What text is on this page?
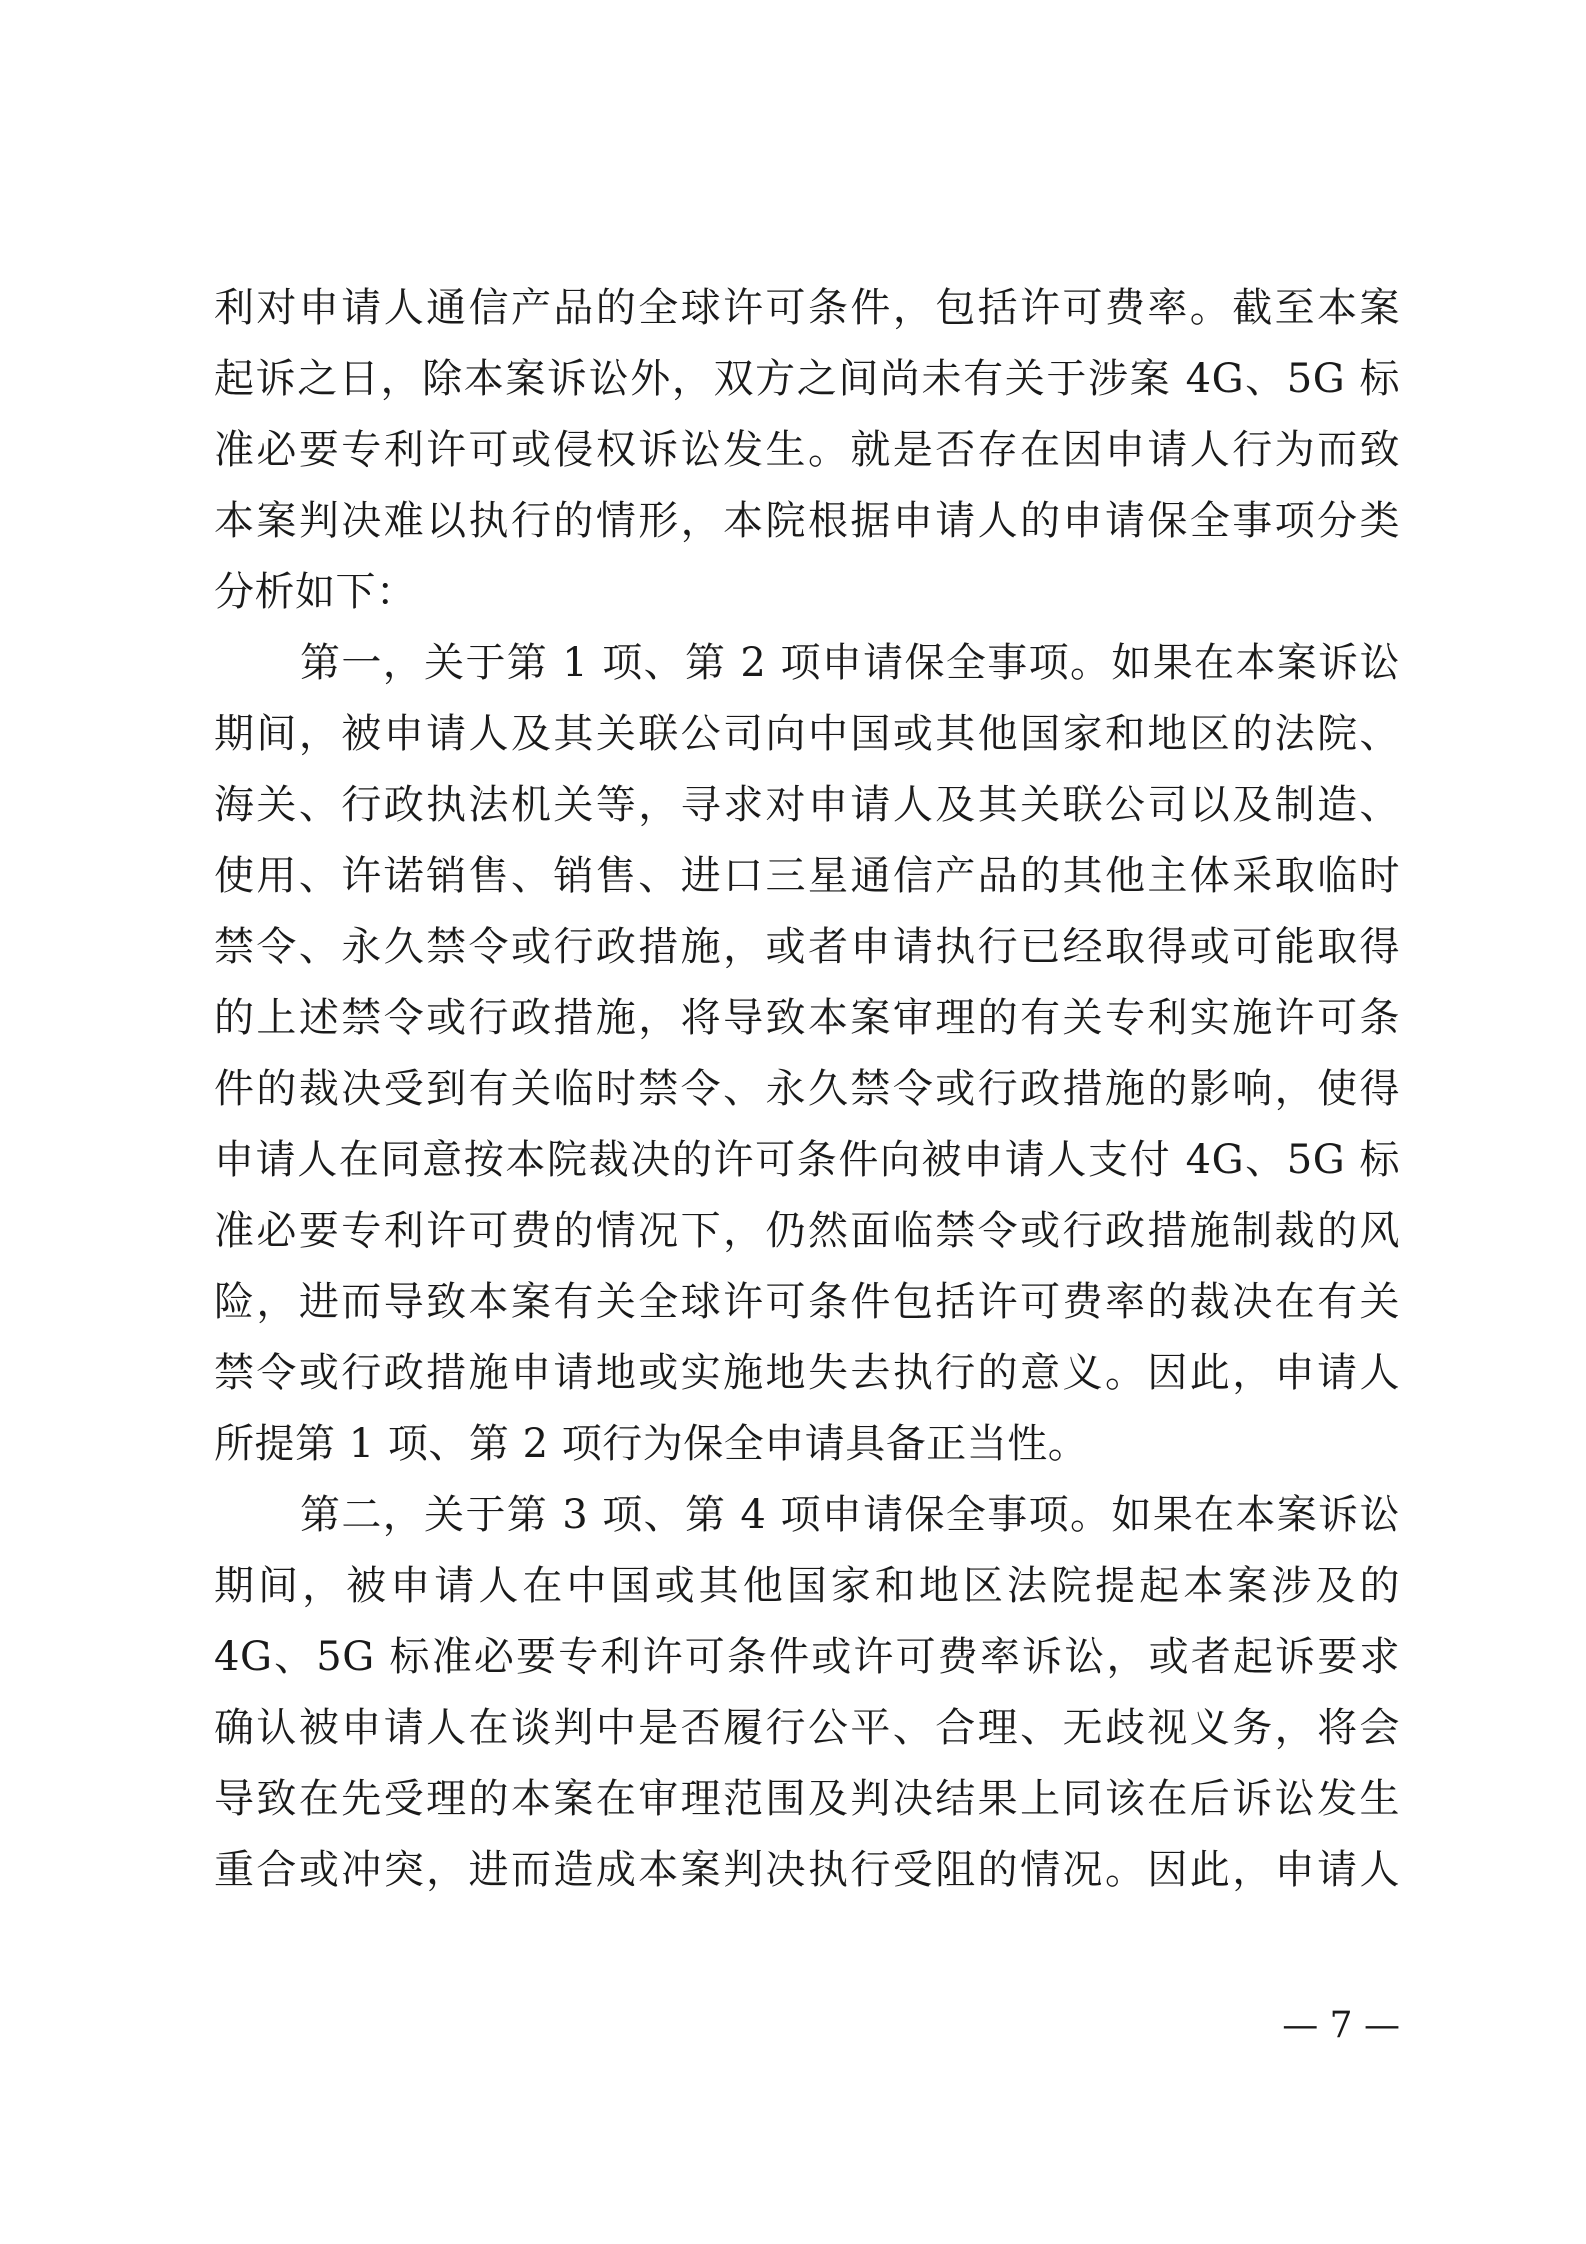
利对申请人通信产品的全球许可条件，包括许可费率。截至本案
起诉之日，除本案诉讼外，双方之间尚未有关于涉案 4G、5G 标
准必要专利许可或侵权诉讼发生。就是否存在因申请人行为而致
本案判决难以执行的情形，本院根据申请人的申请保全事项分类
分析如下：
第一，关于第 1 项、第 2 项申请保全事项。如果在本案诉讼
期间，被申请人及其关联公司向中国或其他国家和地区的法院、
海关、行政执法机关等，寻求对申请人及其关联公司以及制造、
使用、许诺销售、销售、进口三星通信产品的其他主体采取临时
禁令、永久禁令或行政措施，或者申请执行已经取得或可能取得
的上述禁令或行政措施，将导致本案审理的有关专利实施许可条
件的裁决受到有关临时禁令、永久禁令或行政措施的影响，使得
申请人在同意按本院裁决的许可条件向被申请人支付 4G、5G 标
准必要专利许可费的情况下，仍然面临禁令或行政措施制裁的风
险，进而导致本案有关全球许可条件包括许可费率的裁决在有关
禁令或行政措施申请地或实施地失去执行的意义。因此，申请人
所提第 1 项、第 2 项行为保全申请具备正当性。
第二，关于第 3 项、第 4 项申请保全事项。如果在本案诉讼
期间，被申请人在中国或其他国家和地区法院提起本案涉及的
4G、5G 标准必要专利许可条件或许可费率诉讼，或者起诉要求
确认被申请人在谈判中是否履行公平、合理、无歧视义务，将会
导致在先受理的本案在审理范围及判决结果上同该在后诉讼发生
重合或冲突，进而造成本案判决执行受阻的情况。因此，申请人
— 7 —
